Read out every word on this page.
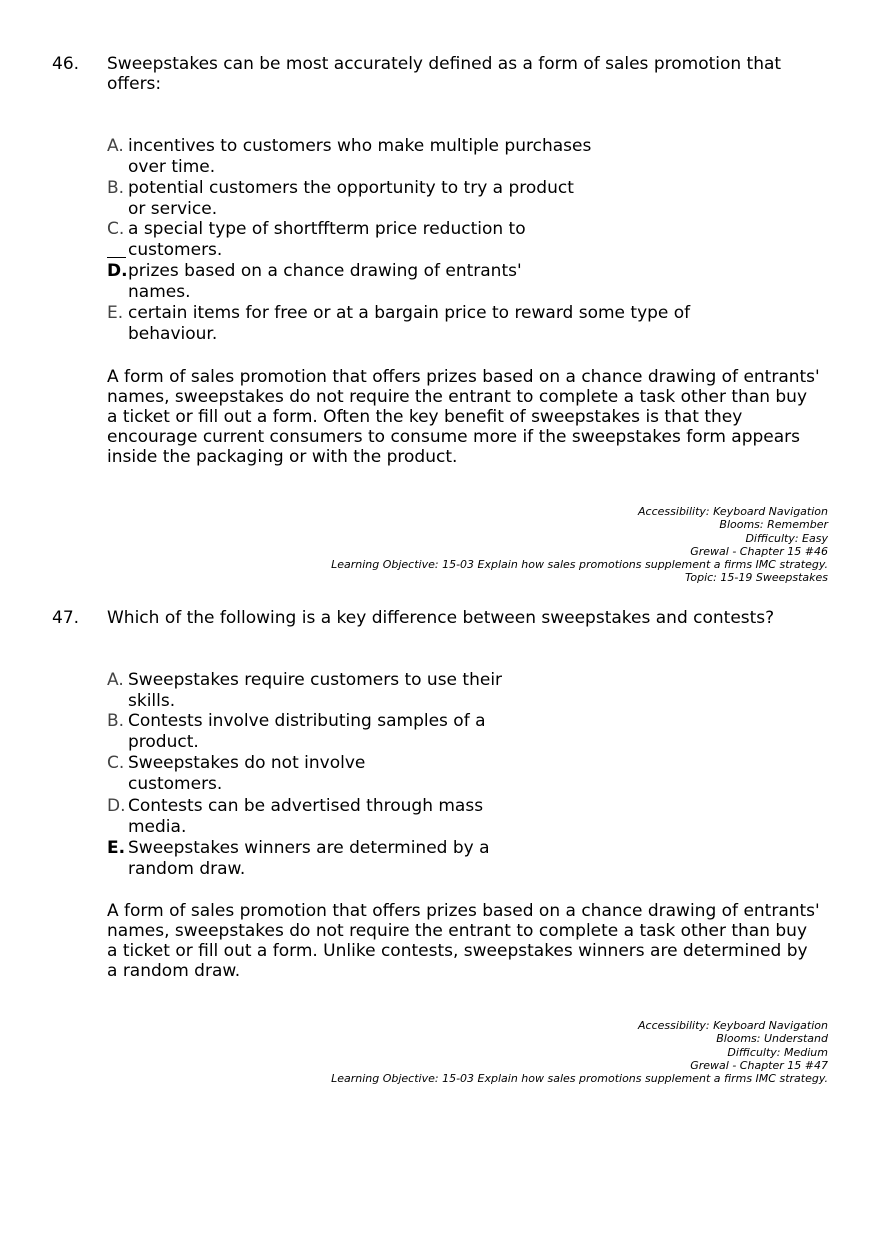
46. Sweepstakes can be most accurately defined as a form of sales promotion that offers:
A. incentives to customers who make multiple purchases
over time.
B. potential customers the opportunity to try a product
or service.
C. a special type of shortffterm price reduction to
customers.
D.prizes based on a chance drawing of entrants'
names.
E. certain items for free or at a bargain price to reward some type of
behaviour.
A form of sales promotion that offers prizes based on a chance drawing of entrants' names, sweepstakes do not require the entrant to complete a task other than buy a ticket or fill out a form. Often the key benefit of sweepstakes is that they encourage current consumers to consume more if the sweepstakes form appears inside the packaging or with the product.
Accessibility: Keyboard Navigation
Blooms: Remember
Difficulty: Easy
Grewal - Chapter 15 #46
Learning Objective: 15-03 Explain how sales promotions supplement a firms IMC strategy.
Topic: 15-19 Sweepstakes
47. Which of the following is a key difference between sweepstakes and contests?
A. Sweepstakes require customers to use their
skills.
B. Contests involve distributing samples of a
product.
C. Sweepstakes do not involve
customers.
D. Contests can be advertised through mass
media.
E. Sweepstakes winners are determined by a
random draw.
A form of sales promotion that offers prizes based on a chance drawing of entrants' names, sweepstakes do not require the entrant to complete a task other than buy a ticket or fill out a form. Unlike contests, sweepstakes winners are determined by a random draw.
Accessibility: Keyboard Navigation
Blooms: Understand
Difficulty: Medium
Grewal - Chapter 15 #47
Learning Objective: 15-03 Explain how sales promotions supplement a firms IMC strategy.
